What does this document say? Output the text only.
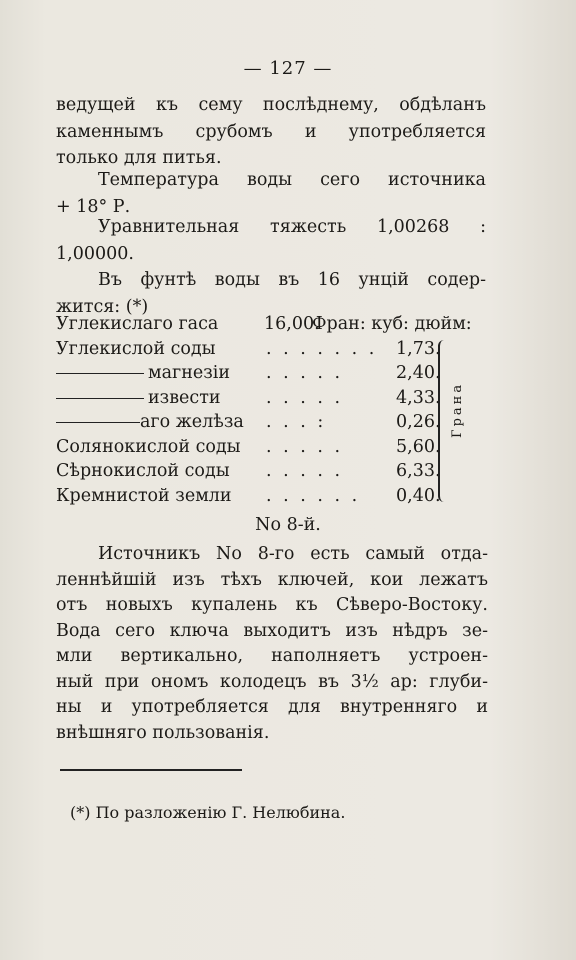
— 127 —
ведущей къ сему послѣднему, обдѣланъ
каменнымъ срубомъ и употребляется
только для питья.
Температура воды сего источника
+ 18° Р.
Уравнительная тяжесть 1,00268 :
1,00000.
Въ фунтѣ воды въ 16 унцій содер-
жится: (*)
Углекислаго гаса	16,00.
Фран: куб: дюйм:
Углекислой соды	. . . . . . . 1,73.
магнезіи . . . . .	2,40.
извести	. . . . .	4,33.
аго желѣза . . . :	0,26.
Солянокислой соды . . . . .	5,60.
Сѣрнокислой соды . . . . .	6,33.
Кремнистой земли . . . . . . 0,40.
Грана
No 8-й.
Источникъ No 8-го есть самый отда-
леннѣйшій изъ тѣхъ ключей, кои лежатъ
отъ новыхъ купалень къ Сѣверо-Востоку.
Вода сего ключа выходитъ изъ нѣдръ зе-
мли вертикально, наполняетъ устроен-
ный при ономъ колодецъ въ 3½ ар: глуби-
ны и употребляется для внутренняго и
внѣшняго пользованія.
(*) По разложенію Г. Нелюбина.
